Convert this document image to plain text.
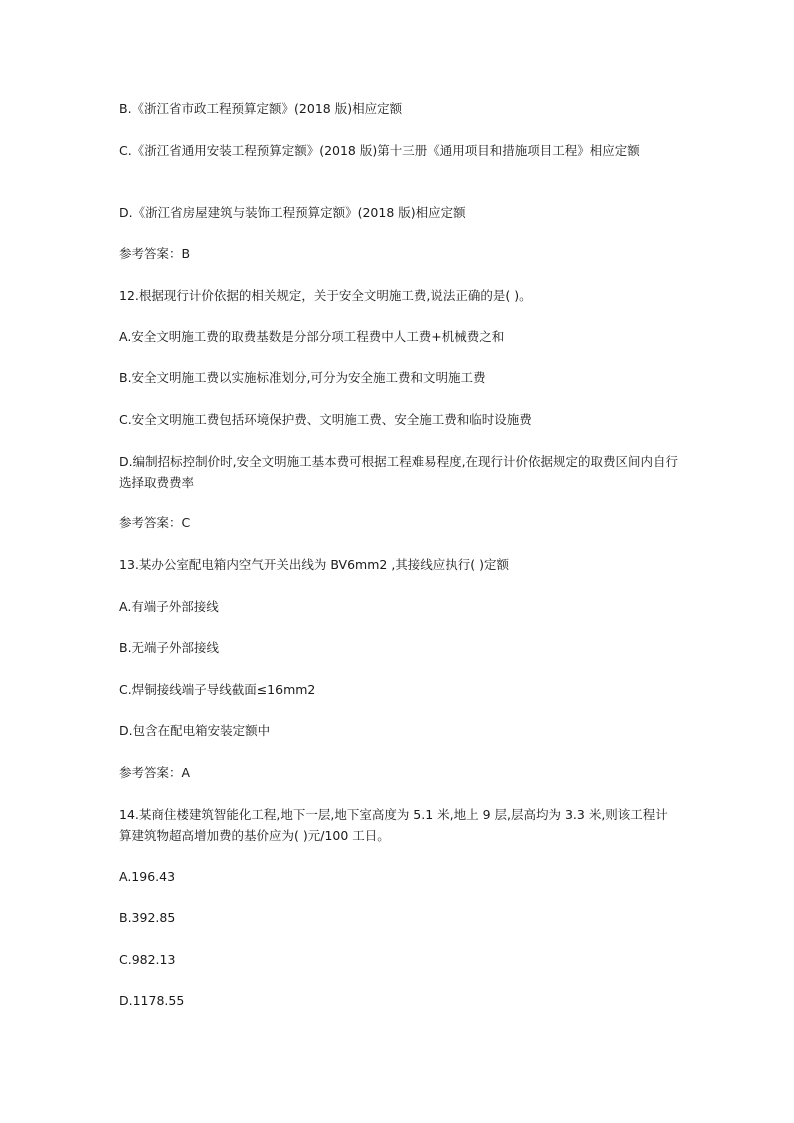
B.《浙江省市政工程预算定额》(2018 版)相应定额
C.《浙江省通用安装工程预算定额》(2018 版)第十三册《通用项目和措施项目工程》相应定额
D.《浙江省房屋建筑与装饰工程预算定额》(2018 版)相应定额
参考答案：B
12.根据现行计价依据的相关规定，关于安全文明施工费,说法正确的是( )。
A.安全文明施工费的取费基数是分部分项工程费中人工费+机械费之和
B.安全文明施工费以实施标准划分,可分为安全施工费和文明施工费
C.安全文明施工费包括环境保护费、文明施工费、安全施工费和临时设施费
D.编制招标控制价时,安全文明施工基本费可根据工程难易程度,在现行计价依据规定的取费区间内自行选择取费费率
参考答案：C
13.某办公室配电箱内空气开关出线为 BV6mm2 ,其接线应执行( )定额
A.有端子外部接线
B.无端子外部接线
C.焊铜接线端子导线截面≤16mm2
D.包含在配电箱安装定额中
参考答案：A
14.某商住楼建筑智能化工程,地下一层,地下室高度为 5.1 米,地上 9 层,层高均为 3.3 米,则该工程计算建筑物超高增加费的基价应为( )元/100 工日。
A.196.43
B.392.85
C.982.13
D.1178.55
